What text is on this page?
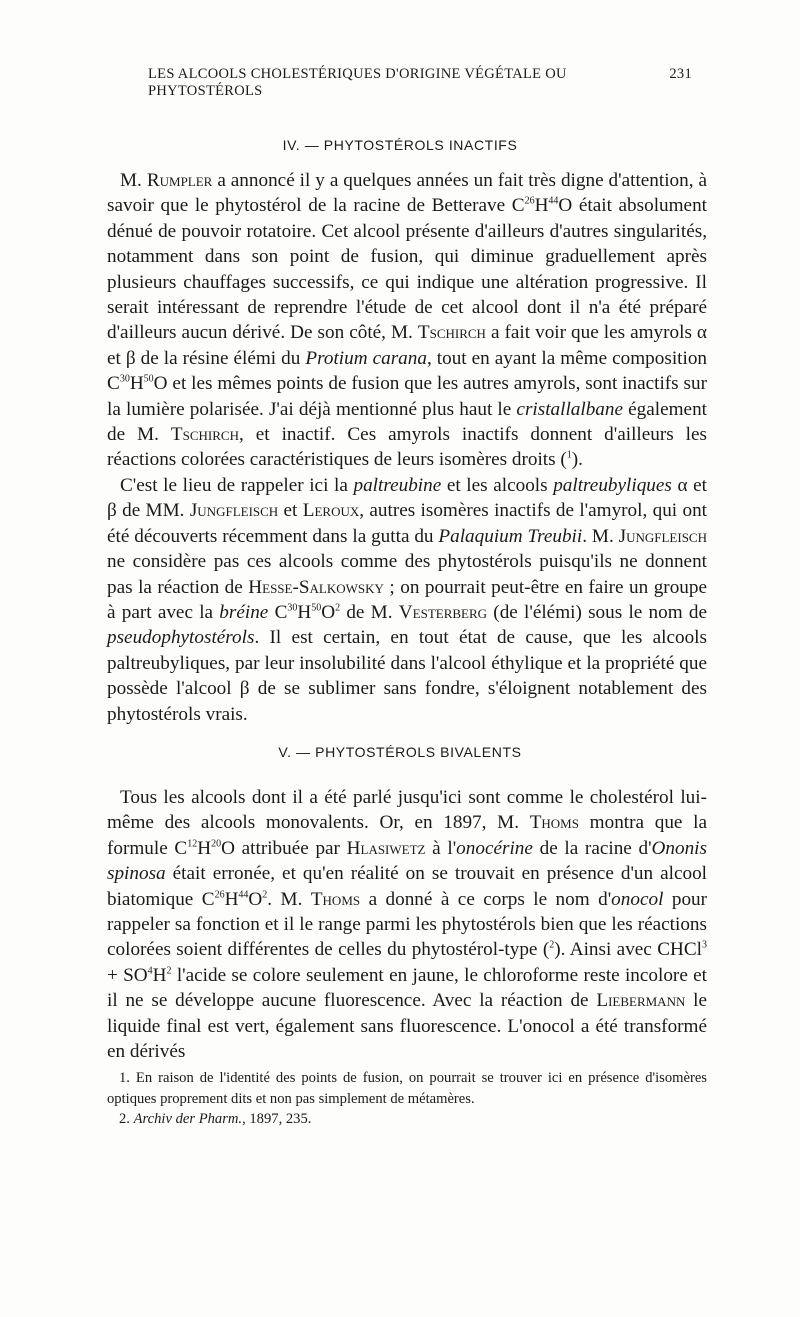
LES ALCOOLS CHOLESTÉRIQUES D'ORIGINE VÉGÉTALE OU PHYTOSTÉROLS
231
IV. — PHYTOSTÉROLS INACTIFS

M. Rumpler a annoncé il y a quelques années un fait très digne d'attention, à savoir que le phytostérol de la racine de Betterave $C^{26}H^{44}O$ était absolument dénué de pouvoir rotatoire. Cet alcool présente d'ailleurs d'autres singularités, notamment dans son point de fusion, qui diminue graduellement après plusieurs chauffages successifs, ce qui indique une altération progressive. Il serait intéressant de reprendre l'étude de cet alcool dont il n'a été préparé d'ailleurs aucun dérivé. De son côté, M. Tschirch a fait voir que les amyrols α et β de la résine élémi du Protium carana, tout en ayant la même composition $C^{30}H^{50}O$ et les mêmes points de fusion que les autres amyrols, sont inactifs sur la lumière polarisée. J'ai déjà mentionné plus haut le cristallalbane également de M. Tschirch, et inactif. Ces amyrols inactifs donnent d'ailleurs les réactions colorées caractéristiques de leurs isomères droits ($^1$).

C'est le lieu de rappeler ici la paltreubine et les alcools paltreubyliques α et β de MM. Jungfleisch et Leroux, autres isomères inactifs de l'amyrol, qui ont été découverts récemment dans la gutta du Palaquium Treubii. M. Jungfleisch ne considère pas ces alcools comme des phytostérols puisqu'ils ne donnent pas la réaction de Hesse-Salkowsky ; on pourrait peut-être en faire un groupe à part avec la bréine $C^{30}H^{50}O^2$ de M. Vesterberg (de l'élémi) sous le nom de pseudophytostérols. Il est certain, en tout état de cause, que les alcools paltreubyliques, par leur insolubilité dans l'alcool éthylique et la propriété que possède l'alcool β de se sublimer sans fondre, s'éloignent notablement des phytostérols vrais.

V. — PHYTOSTÉROLS BIVALENTS

Tous les alcools dont il a été parlé jusqu'ici sont comme le cholestérol lui-même des alcools monovalents. Or, en 1897, M. Thoms montra que la formule $C^{12}H^{20}O$ attribuée par Hlasiwetz à l'onocérine de la racine d'Ononis spinosa était erronée, et qu'en réalité on se trouvait en présence d'un alcool biatomique $C^{26}H^{44}O^2$. M. Thoms a donné à ce corps le nom d'onocol pour rappeler sa fonction et il le range parmi les phytostérols bien que les réactions colorées soient différentes de celles du phytostérol-type ($^2$). Ainsi avec CHCl$^3$ + $SO^4H^2$ l'acide se colore seulement en jaune, le chloroforme reste incolore et il ne se développe aucune fluorescence. Avec la réaction de Liebermann le liquide final est vert, également sans fluorescence. L'onocol a été transformé en dérivés

1. En raison de l'identité des points de fusion, on pourrait se trouver ici en présence d'isomères optiques proprement dits et non pas simplement de métamères.

2. Archiv der Pharm., 1897, 235.
